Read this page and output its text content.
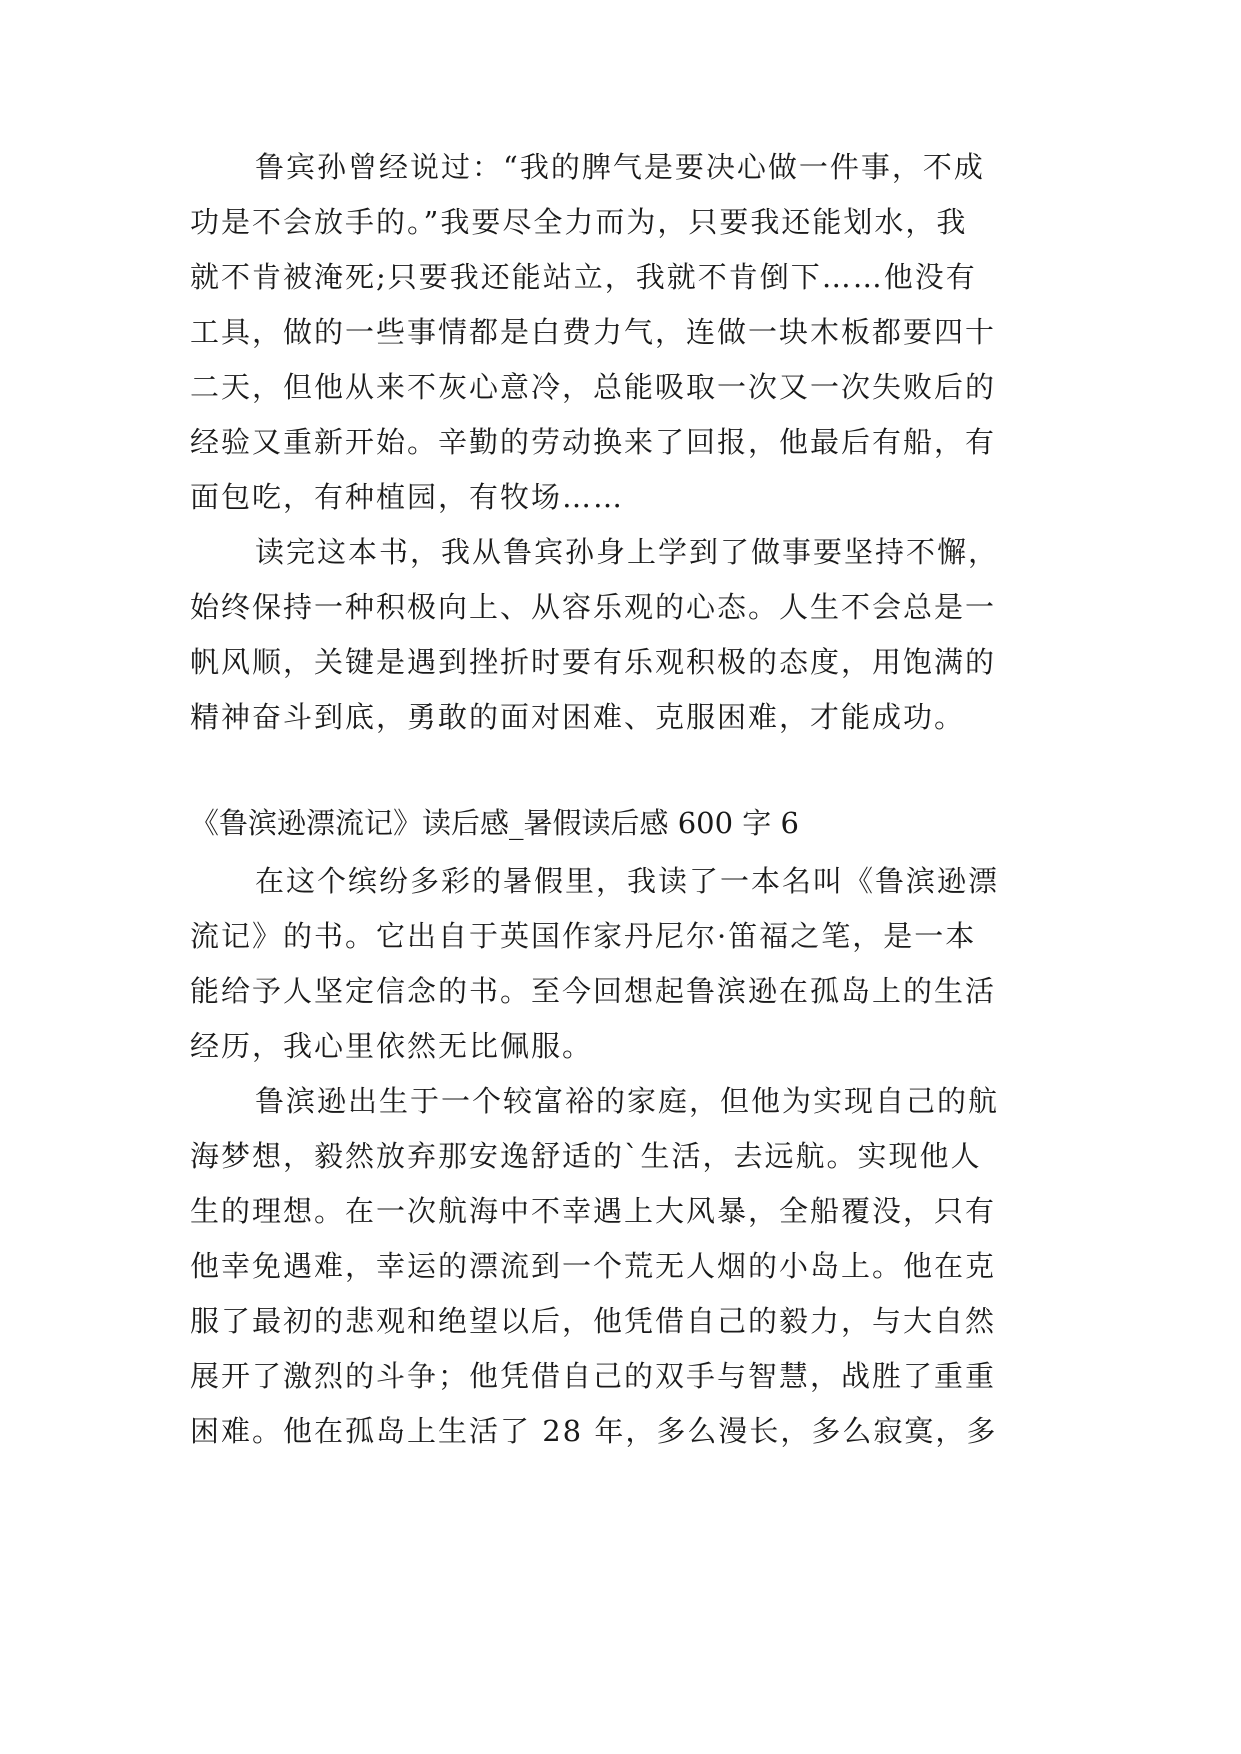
鲁宾孙曾经说过：“我的脾气是要决心做一件事，不成
功是不会放手的。”我要尽全力而为，只要我还能划水，我
就不肯被淹死;只要我还能站立，我就不肯倒下……他没有
工具，做的一些事情都是白费力气，连做一块木板都要四十
二天，但他从来不灰心意冷，总能吸取一次又一次失败后的
经验又重新开始。辛勤的劳动换来了回报，他最后有船，有
面包吃，有种植园，有牧场……
读完这本书，我从鲁宾孙身上学到了做事要坚持不懈，
始终保持一种积极向上、从容乐观的心态。人生不会总是一
帆风顺，关键是遇到挫折时要有乐观积极的态度，用饱满的
精神奋斗到底，勇敢的面对困难、克服困难，才能成功。
《鲁滨逊漂流记》读后感_暑假读后感 600 字 6
在这个缤纷多彩的暑假里，我读了一本名叫《鲁滨逊漂
流记》的书。它出自于英国作家丹尼尔·笛福之笔，是一本
能给予人坚定信念的书。至今回想起鲁滨逊在孤岛上的生活
经历，我心里依然无比佩服。
鲁滨逊出生于一个较富裕的家庭，但他为实现自己的航
海梦想，毅然放弃那安逸舒适的`生活，去远航。实现他人
生的理想。在一次航海中不幸遇上大风暴，全船覆没，只有
他幸免遇难，幸运的漂流到一个荒无人烟的小岛上。他在克
服了最初的悲观和绝望以后，他凭借自己的毅力，与大自然
展开了激烈的斗争；他凭借自己的双手与智慧，战胜了重重
困难。他在孤岛上生活了 28 年，多么漫长，多么寂寞，多
